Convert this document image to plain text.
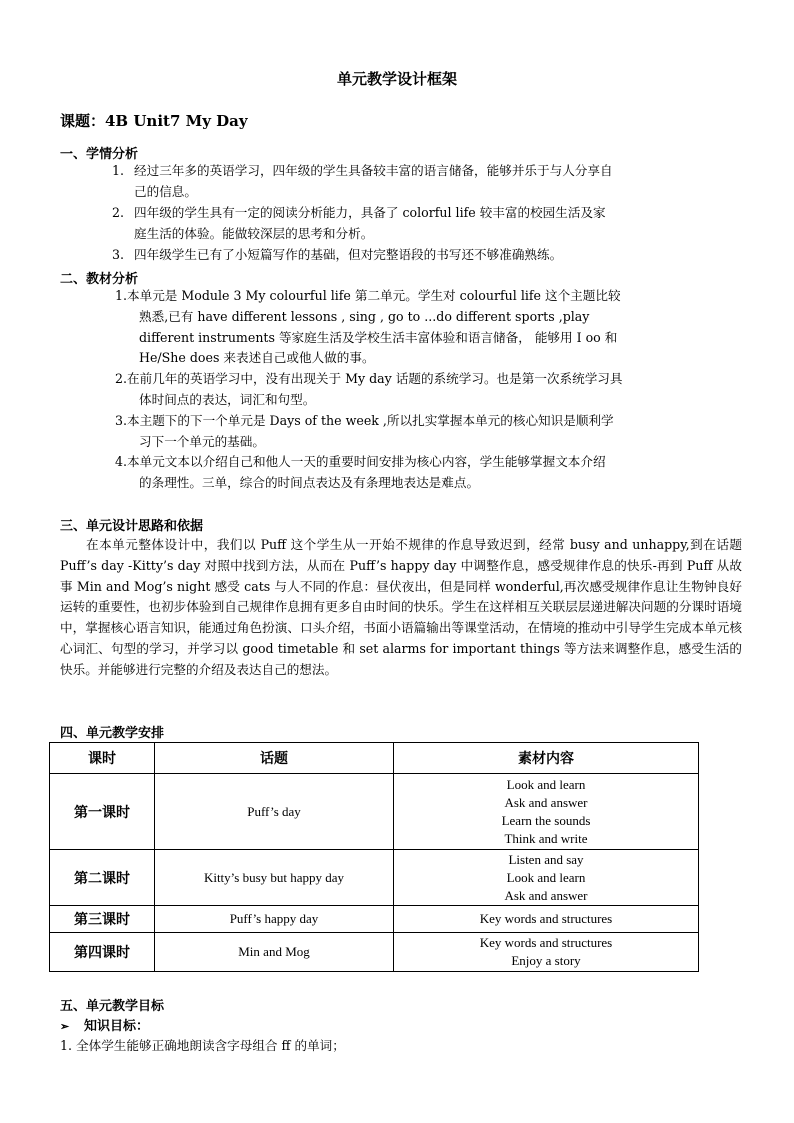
单元教学设计框架
课题：4B Unit7 My Day
一、学情分析
1. 经过三年多的英语学习，四年级的学生具备较丰富的语言储备，能够并乐于与人分享自
己的信息。
2. 四年级的学生具有一定的阅读分析能力，具备了 colorful life 较丰富的校园生活及家
庭生活的体验。能做较深层的思考和分析。
3. 四年级学生已有了小短篇写作的基础，但对完整语段的书写还不够准确熟练。
二、教材分析
1.本单元是 Module 3 My colourful life 第二单元。学生对 colourful life 这个主题比较
熟悉,已有 have different lessons , sing , go to ...do different sports ,play
different instruments 等家庭生活及学校生活丰富体验和语言储备， 能够用 I oo 和
He/She does 来表述自己或他人做的事。
2.在前几年的英语学习中，没有出现关于 My day 话题的系统学习。也是第一次系统学习具
体时间点的表达，词汇和句型。
3.本主题下的下一个单元是 Days of the week ,所以扎实掌握本单元的核心知识是顺利学
习下一个单元的基础。
4.本单元文本以介绍自己和他人一天的重要时间安排为核心内容，学生能够掌握文本介绍
的条理性。三单，综合的时间点表达及有条理地表达是难点。
三、单元设计思路和依据
在本单元整体设计中，我们以 Puff 这个学生从一开始不规律的作息导致迟到，经常 busy and unhappy,到在话题 Puff’s day -Kitty’s day 对照中找到方法，从而在 Puff’s happy day 中调整作息，感受规律作息的快乐-再到 Puff 从故事 Min and Mog’s night 感受 cats 与人不同的作息：昼伏夜出，但是同样 wonderful,再次感受规律作息让生物钟良好运转的重要性，也初步体验到自己规律作息拥有更多自由时间的快乐。学生在这样相互关联层层递进解决问题的分课时语境中，掌握核心语言知识，能通过角色扮演、口头介绍，书面小语篇输出等课堂活动，在情境的推动中引导学生完成本单元核心词汇、句型的学习，并学习以 good timetable 和 set alarms for important things 等方法来调整作息，感受生活的快乐。并能够进行完整的介绍及表达自己的想法。
四、单元教学安排
课时	话题	素材内容
第一课时	Puff’s day	Look and learn
Ask and answer
Learn the sounds
Think and write

第二课时	Kitty’s busy but happy day	Listen and say
Look and learn
Ask and answer

第三课时	Puff’s happy day	Key words and structures

第四课时	Min and Mog	Key words and structures
Enjoy a story
五、单元教学目标
➢ 知识目标：
1. 全体学生能够正确地朗读含字母组合 ff 的单词；
